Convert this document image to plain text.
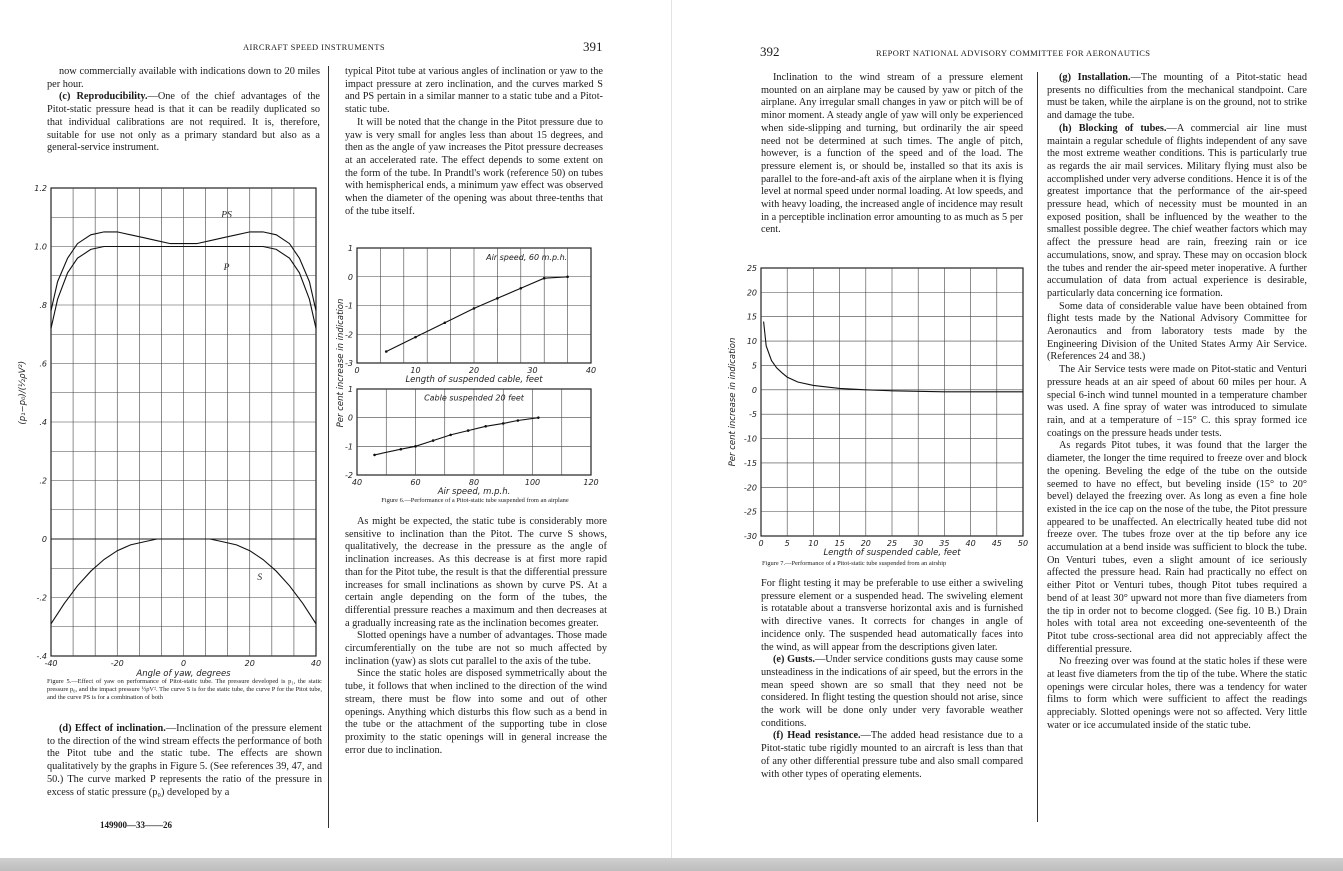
AIRCRAFT SPEED INSTRUMENTS	391

now commercially available with indications down to 20 miles per hour.

(c) Reproducibility.—One of the chief advantages of the Pitot-static pressure head is that it can be readily duplicated so that individual calibrations are not required. It is, therefore, suitable for use not only as a primary standard but also as a general-service instrument.

-.4
-.2
0
.2
.4
.6
.8
1.0
1.2
-40	-20	0	20	40
PS
P
S
Angle of yaw, degrees
(p₁−p₀)/(½ρV²)
Figure 5.—Effect of yaw on performance of Pitot-static tube. The pressure developed is p₁, the static pressure p₀, and the impact pressure ½ρV². The curve S is for the static tube, the curve P for the Pitot tube, and the curve PS is for a combination of both

(d) Effect of inclination.—Inclination of the pressure element to the direction of the wind stream effects the performance of both the Pitot tube and the static tube. The effects are shown qualitatively by the graphs in Figure 5. (See references 39, 47, and 50.) The curve marked P represents the ratio of the pressure in excess of static pressure (p₀) developed by a

149900—33——26

typical Pitot tube at various angles of inclination or yaw to the impact pressure at zero inclination, and the curves marked S and PS pertain in a similar manner to a static tube and a Pitot-static tube.

It will be noted that the change in the Pitot pressure due to yaw is very small for angles less than about 15 degrees, and then as the angle of yaw increases the Pitot pressure decreases at an accelerated rate. The effect depends to some extent on the form of the tube. In Prandtl's work (reference 50) on tubes with hemispherical ends, a minimum yaw effect was observed when the diameter of the opening was about three-tenths that of the tube itself.

-3
-2
-1
0
1
0	10	20	30	40
Air speed, 60 m.p.h.
Length of suspended cable, feet
-2
-1
0
1
40	60	80	100	120
Cable suspended 20 feet
Air speed, m.p.h.
Per cent increase in indication
Figure 6.—Performance of a Pitot-static tube suspended from an airplane

As might be expected, the static tube is considerably more sensitive to inclination than the Pitot. The curve S shows, qualitatively, the decrease in the pressure as the angle of inclination increases. As this decrease is at first more rapid than for the Pitot tube, the result is that the differential pressure increases for small inclinations as shown by curve PS. At a certain angle depending on the form of the tubes, the differential pressure reaches a maximum and then decreases at a gradually increasing rate as the inclination becomes greater.

Slotted openings have a number of advantages. Those made circumferentially on the tube are not so much affected by inclination (yaw) as slots cut parallel to the axis of the tube.

Since the static holes are disposed symmetrically about the tube, it follows that when inclined to the direction of the wind stream, there must be flow into some and out of other openings. Anything which disturbs this flow such as a bend in the tube or the attachment of the supporting tube in close proximity to the static openings will in general increase the error due to inclination.

392	REPORT NATIONAL ADVISORY COMMITTEE FOR AERONAUTICS

Inclination to the wind stream of a pressure element mounted on an airplane may be caused by yaw or pitch of the airplane. Any irregular small changes in yaw or pitch will be of minor moment. A steady angle of yaw will only be experienced when side-slipping and turning, but ordinarily the air speed need not be determined at such times. The angle of pitch, however, is a function of the speed and of the load. The pressure element is, or should be, installed so that its axis is parallel to the fore-and-aft axis of the airplane when it is flying level at normal speed under normal loading. At low speeds, and with heavy loading, the increased angle of incidence may result in a perceptible inclination error amounting to as much as 5 per cent.

-30
-25
-20
-15
-10
-5
0
5
10
15
20
25
0	5 10 15 20 25 30 35 40 45 50
Length of suspended cable, feet
Per cent increase in indication
Figure 7.—Performance of a Pitot-static tube suspended from an airship

For flight testing it may be preferable to use either a swiveling pressure element or a suspended head. The swiveling element is rotatable about a transverse horizontal axis and is furnished with directive vanes. It corrects for changes in angle of incidence only. The suspended head automatically faces into the wind, as will appear from the descriptions given later.

(e) Gusts.—Under service conditions gusts may cause some unsteadiness in the indications of air speed, but the errors in the mean speed shown are so small that they need not be considered. In flight testing the question should not arise, since the work will be done only under very favorable weather conditions.

(f) Head resistance.—The added head resistance due to a Pitot-static tube rigidly mounted to an aircraft is less than that of any other differential pressure tube and also small compared with other types of operating elements.

(g) Installation.—The mounting of a Pitot-static head presents no difficulties from the mechanical standpoint. Care must be taken, while the airplane is on the ground, not to strike and damage the tube.

(h) Blocking of tubes.—A commercial air line must maintain a regular schedule of flights independent of any save the most extreme weather conditions. This is particularly true as regards the air mail services. Military flying must also be accomplished under very adverse conditions. Hence it is of the greatest importance that the performance of the air-speed pressure head, which of necessity must be mounted in an exposed position, shall be influenced by the weather to the smallest possible degree. The chief weather factors which may affect the pressure head are rain, freezing rain or ice accumulations, snow, and spray. These may on occasion block the tubes and render the air-speed meter inoperative. A further accumulation of data from actual experience is desirable, particularly data concerning ice formation.

Some data of considerable value have been obtained from flight tests made by the National Advisory Committee for Aeronautics and from laboratory tests made by the Engineering Division of the United States Army Air Service. (References 24 and 38.)

The Air Service tests were made on Pitot-static and Venturi pressure heads at an air speed of about 60 miles per hour. A special 6-inch wind tunnel mounted in a temperature chamber was used. A fine spray of water was introduced to simulate rain, and at a temperature of −15° C. this spray formed ice coatings on the pressure heads under tests.

As regards Pitot tubes, it was found that the larger the diameter, the longer the time required to freeze over and block the opening. Beveling the edge of the tube on the outside seemed to have no effect, but beveling inside (15° to 20° bevel) delayed the freezing over. As long as even a fine hole existed in the ice cap on the nose of the tube, the Pitot pressure appeared to be unaffected. An electrically heated tube did not freeze over. The tubes froze over at the tip before any ice accumulation at a bend inside was sufficient to block the tube. On Venturi tubes, even a slight amount of ice seriously affected the pressure head. Rain had practically no effect on either Pitot or Venturi tubes, though Pitot tubes required a bend of at least 30° upward not more than five diameters from the tip in order not to become clogged. (See fig. 10 B.) Drain holes with total area not exceeding one-seventeenth of the Pitot tube cross-sectional area did not appreciably affect the differential pressure.

No freezing over was found at the static holes if these were at least five diameters from the tip of the tube. Where the static openings were circular holes, there was a tendency for water films to form which were sufficient to affect the readings appreciably. Slotted openings were not so affected. Very little water or ice accumulated inside of the static tube.
